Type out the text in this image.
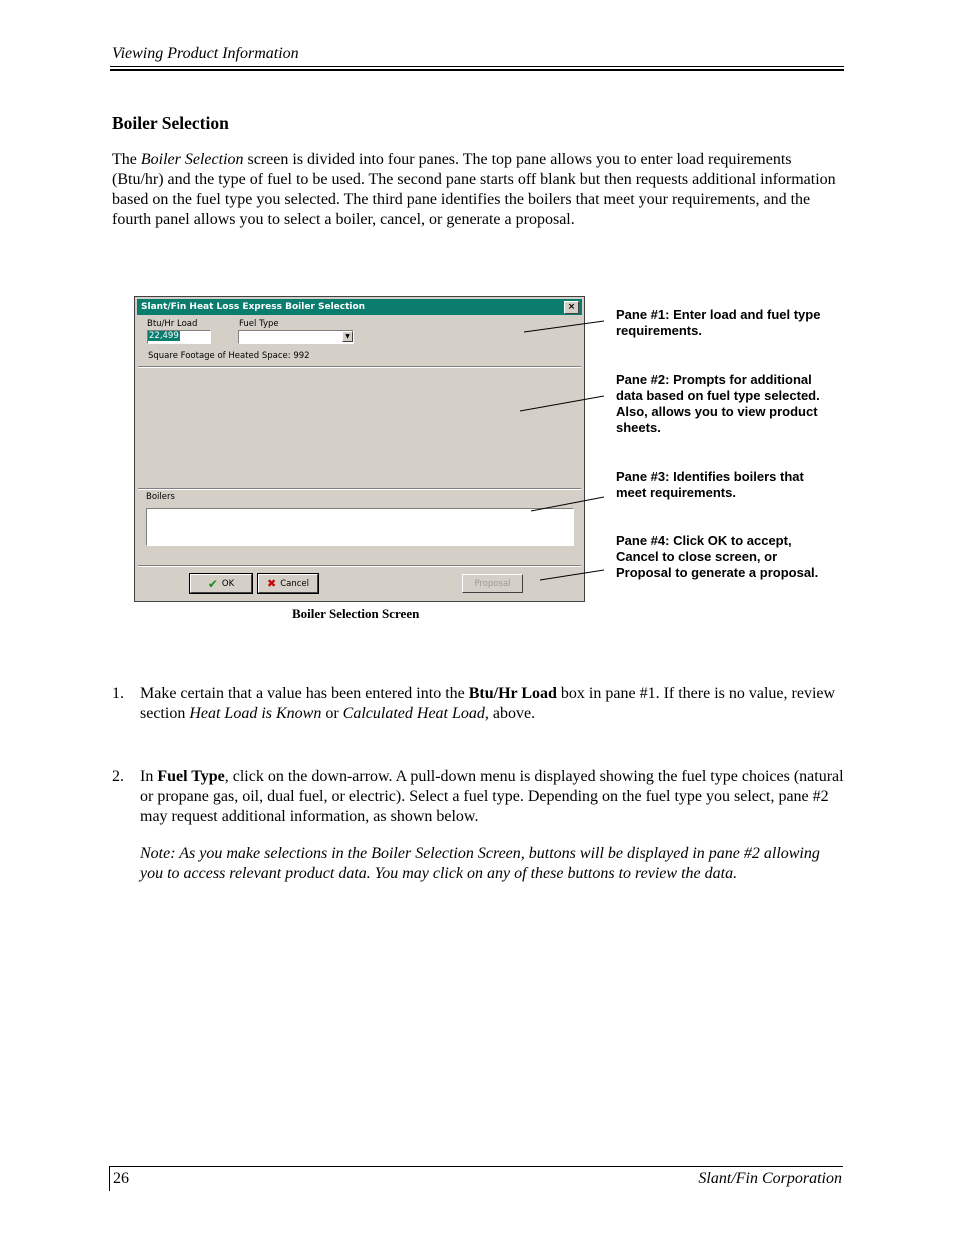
Viewing Product Information
Boiler Selection
The Boiler Selection screen is divided into four panes. The top pane allows you to enter load requirements (Btu/hr) and the type of fuel to be used. The second pane starts off blank but then requests additional information based on the fuel type you selected. The third pane identifies the boilers that meet your requirements, and the fourth panel allows you to select a boiler, cancel, or generate a proposal.
Slant/Fin Heat Loss Express Boiler Selection	×
Btu/Hr Load
22,499
Fuel Type
▼
Square Footage of Heated Space: 992
Boilers
✔ OK	✖ Cancel	Proposal
Boiler Selection Screen
Pane #1: Enter load and fuel type requirements.
Pane #2: Prompts for additional data based on fuel type selected. Also, allows you to view product sheets.
Pane #3: Identifies boilers that meet requirements.
Pane #4: Click OK to accept, Cancel to close screen, or Proposal to generate a proposal.
1. Make certain that a value has been entered into the Btu/Hr Load box in pane #1. If there is no value, review section Heat Load is Known or Calculated Heat Load, above.
2. In Fuel Type, click on the down-arrow. A pull-down menu is displayed showing the fuel type choices (natural or propane gas, oil, dual fuel, or electric). Select a fuel type. Depending on the fuel type you select, pane #2 may request additional information, as shown below.
Note: As you make selections in the Boiler Selection Screen, buttons will be displayed in pane #2 allowing you to access relevant product data. You may click on any of these buttons to review the data.
26	Slant/Fin Corporation
